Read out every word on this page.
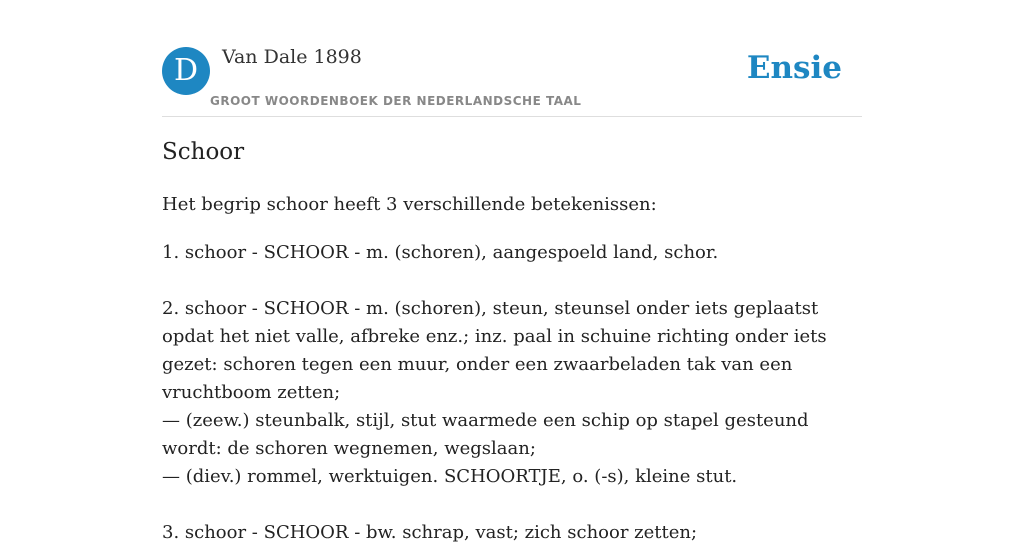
D	Van Dale 1898
GROOT WOORDENBOEK DER NEDERLANDSCHE TAAL
Ensie
Schoor
Het begrip schoor heeft 3 verschillende betekenissen:

1. schoor - SCHOOR - m. (schoren), aangespoeld land, schor.

2. schoor - SCHOOR - m. (schoren), steun, steunsel onder iets geplaatst opdat het niet valle, afbreke enz.; inz. paal in schuine richting onder iets gezet: schoren tegen een muur, onder een zwaarbeladen tak van een vruchtboom zetten;

— (zeew.) steunbalk, stijl, stut waarmede een schip op stapel gesteund wordt: de schoren wegnemen, wegslaan;

— (diev.) rommel, werktuigen. SCHOORTJE, o. (-s), kleine stut.

3. schoor - SCHOOR - bw. schrap, vast; zich schoor zetten;
